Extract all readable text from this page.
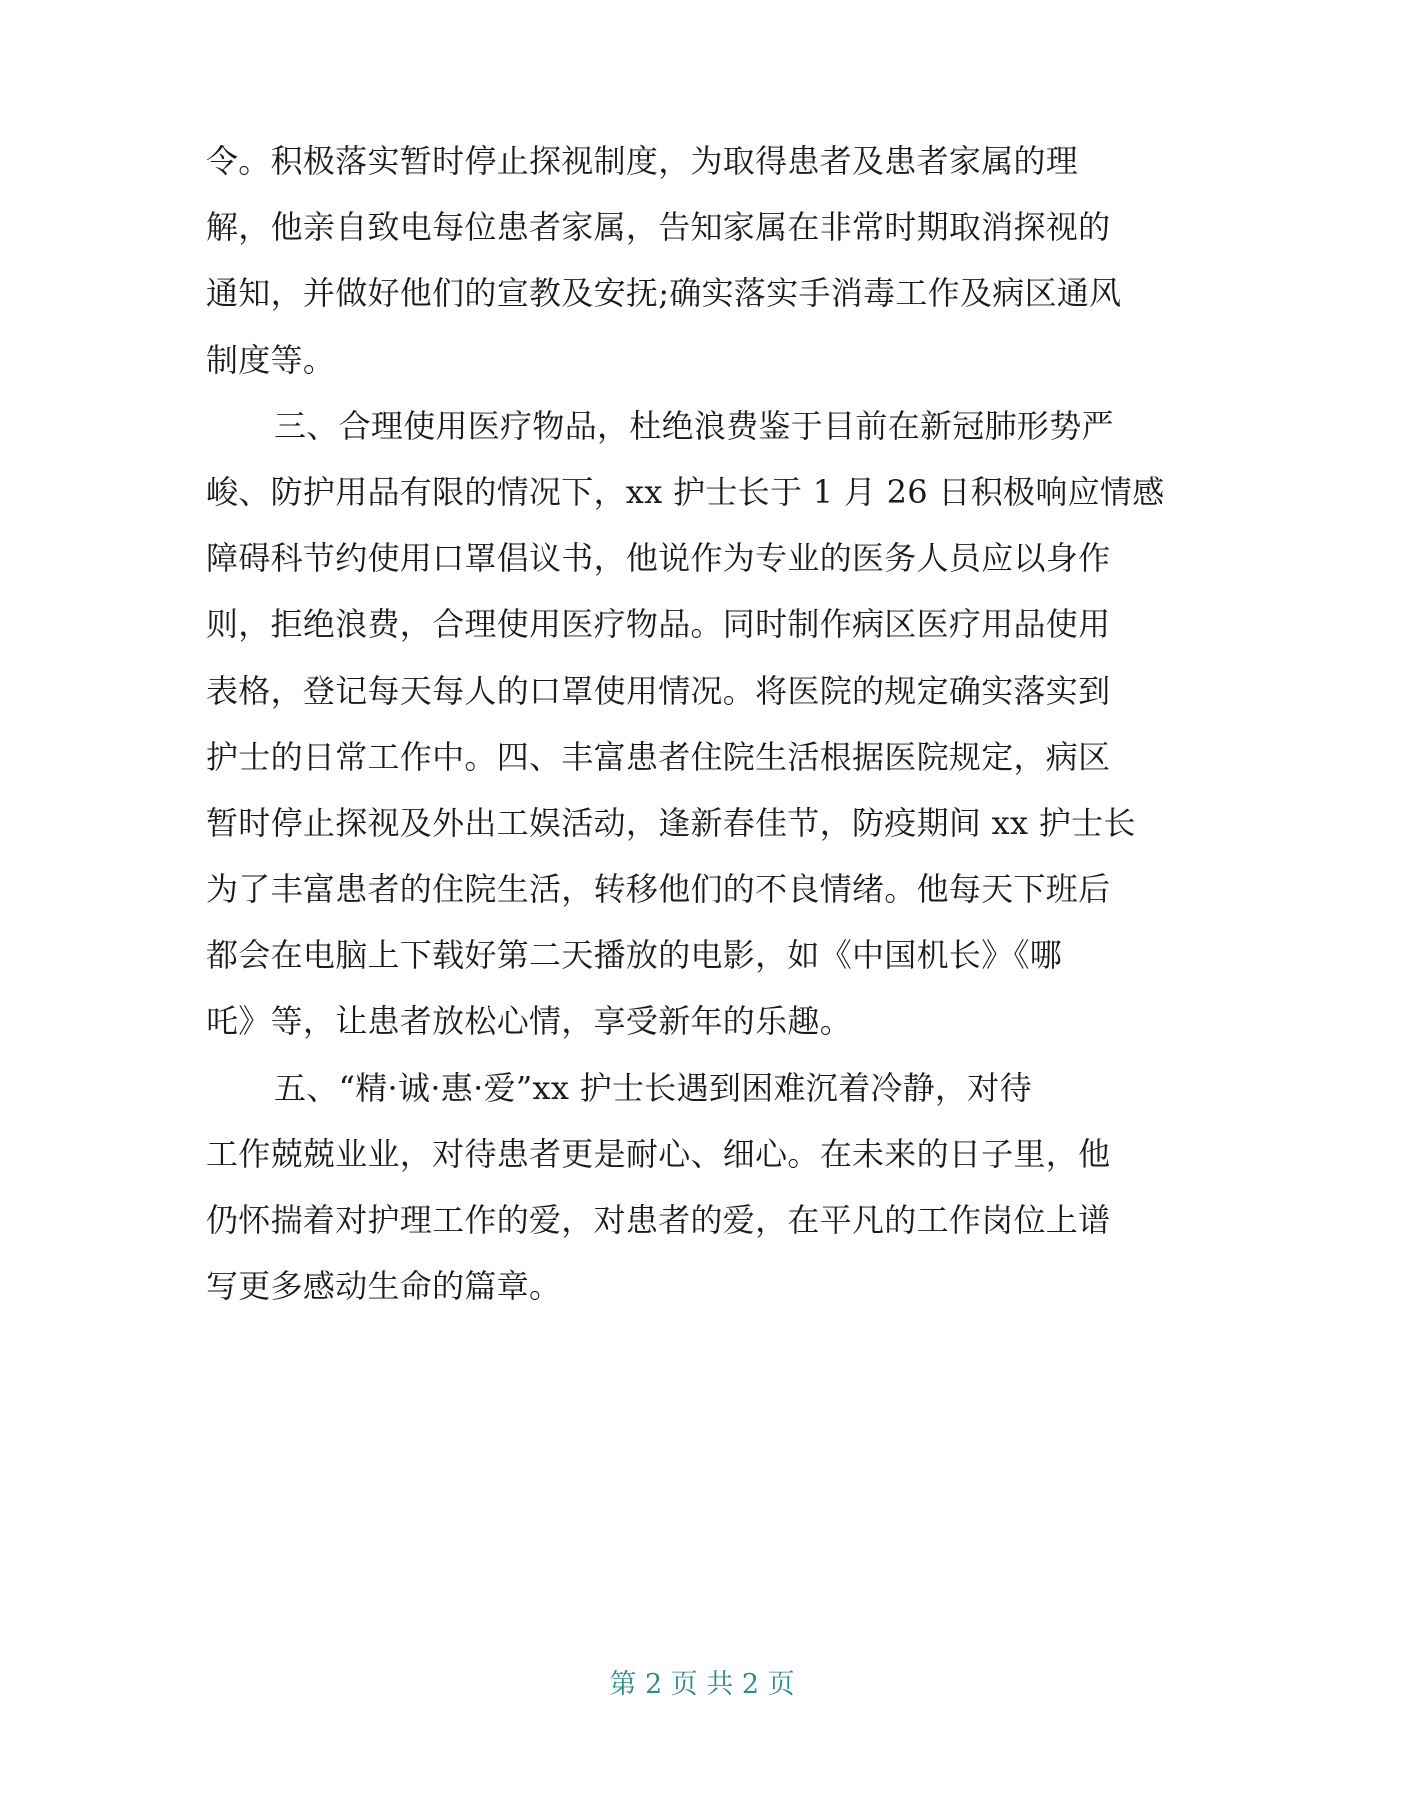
令。积极落实暂时停止探视制度，为取得患者及患者家属的理
解，他亲自致电每位患者家属，告知家属在非常时期取消探视的
通知，并做好他们的宣教及安抚;确实落实手消毒工作及病区通风
制度等。
三、合理使用医疗物品，杜绝浪费鉴于目前在新冠肺形势严
峻、防护用品有限的情况下，xx 护士长于 1 月 26 日积极响应情感
障碍科节约使用口罩倡议书，他说作为专业的医务人员应以身作
则，拒绝浪费，合理使用医疗物品。同时制作病区医疗用品使用
表格，登记每天每人的口罩使用情况。将医院的规定确实落实到
护士的日常工作中。四、丰富患者住院生活根据医院规定，病区
暂时停止探视及外出工娱活动，逢新春佳节，防疫期间 xx 护士长
为了丰富患者的住院生活，转移他们的不良情绪。他每天下班后
都会在电脑上下载好第二天播放的电影，如《中国机长》《哪
吒》等，让患者放松心情，享受新年的乐趣。
五、“精·诚·惠·爱”xx 护士长遇到困难沉着冷静，对待
工作兢兢业业，对待患者更是耐心、细心。在未来的日子里，他
仍怀揣着对护理工作的爱，对患者的爱，在平凡的工作岗位上谱
写更多感动生命的篇章。
第 2 页 共 2 页
